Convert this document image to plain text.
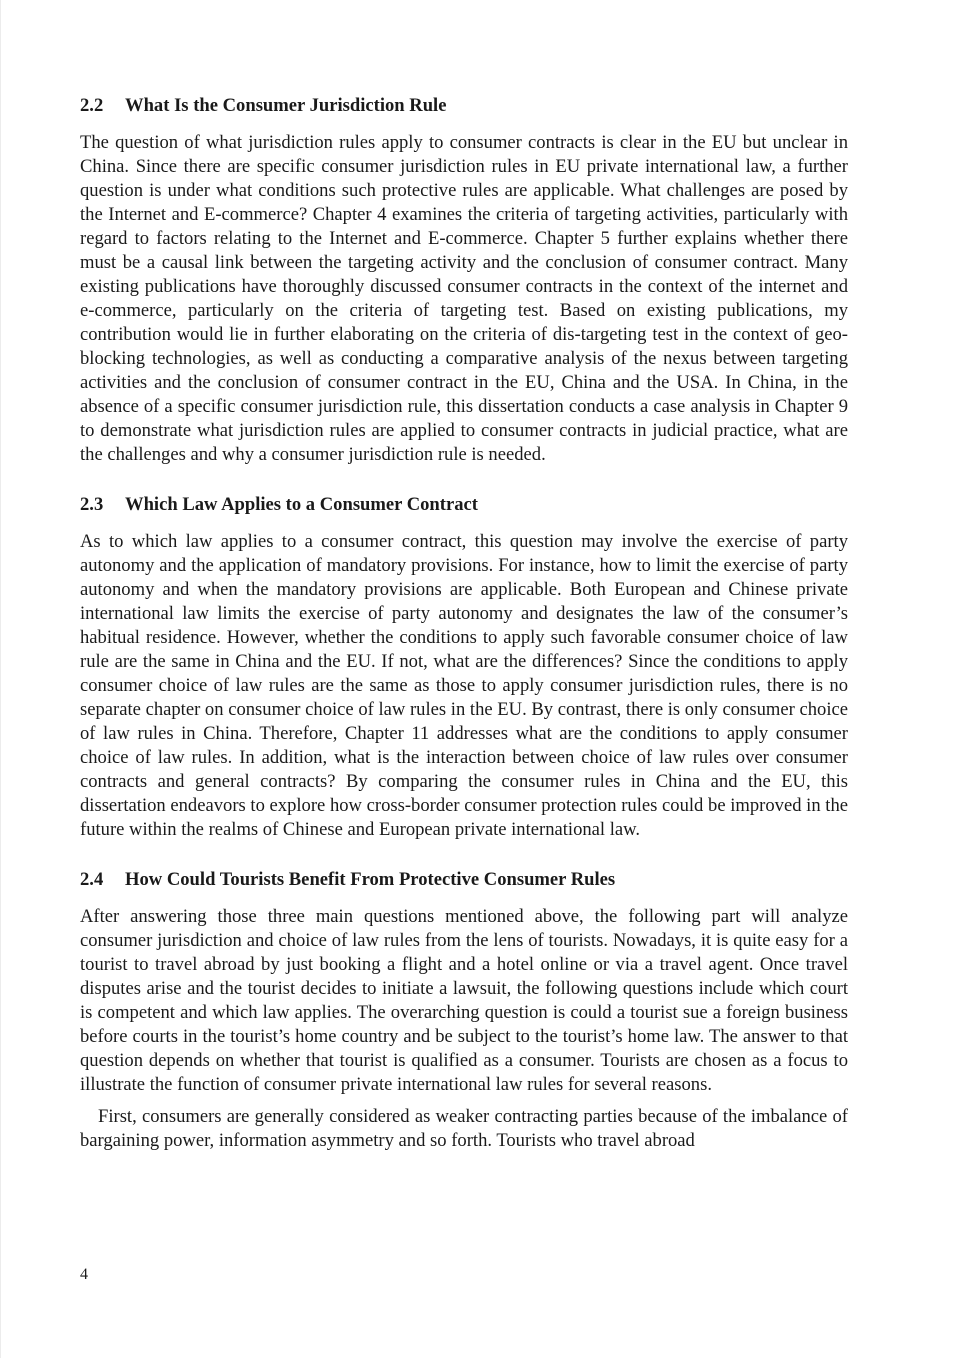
2.2 What Is the Consumer Jurisdiction Rule

The question of what jurisdiction rules apply to consumer contracts is clear in the EU but unclear in China. Since there are specific consumer jurisdiction rules in EU private international law, a further question is under what conditions such protective rules are applicable. What challenges are posed by the Internet and E-commerce? Chapter 4 examines the criteria of targeting activities, particularly with regard to factors relating to the Internet and E-commerce. Chapter 5 further explains whether there must be a causal link between the targeting activity and the conclusion of consumer contract. Many existing publications have thoroughly discussed consumer contracts in the context of the internet and e-commerce, particularly on the criteria of targeting test. Based on existing publications, my contribution would lie in further elaborating on the criteria of dis-targeting test in the context of geo-blocking technologies, as well as conducting a comparative analysis of the nexus between targeting activities and the conclusion of consumer contract in the EU, China and the USA. In China, in the absence of a specific consumer jurisdiction rule, this dissertation conducts a case analysis in Chapter 9 to demonstrate what jurisdiction rules are applied to consumer contracts in judicial practice, what are the challenges and why a consumer jurisdiction rule is needed.

2.3 Which Law Applies to a Consumer Contract

As to which law applies to a consumer contract, this question may involve the exercise of party autonomy and the application of mandatory provisions. For instance, how to limit the exercise of party autonomy and when the mandatory provisions are applicable. Both European and Chinese private international law limits the exercise of party autonomy and designates the law of the consumer’s habitual residence. However, whether the conditions to apply such favorable consumer choice of law rule are the same in China and the EU. If not, what are the differences? Since the conditions to apply consumer choice of law rules are the same as those to apply consumer jurisdiction rules, there is no separate chapter on consumer choice of law rules in the EU. By contrast, there is only consumer choice of law rules in China. Therefore, Chapter 11 addresses what are the conditions to apply consumer choice of law rules. In addition, what is the interaction between choice of law rules over consumer contracts and general contracts? By comparing the consumer rules in China and the EU, this dissertation endeavors to explore how cross-border consumer protection rules could be improved in the future within the realms of Chinese and European private international law.

2.4 How Could Tourists Benefit From Protective Consumer Rules

After answering those three main questions mentioned above, the following part will analyze consumer jurisdiction and choice of law rules from the lens of tourists. Nowadays, it is quite easy for a tourist to travel abroad by just booking a flight and a hotel online or via a travel agent. Once travel disputes arise and the tourist decides to initiate a lawsuit, the following questions include which court is competent and which law applies. The overarching question is could a tourist sue a foreign business before courts in the tourist’s home country and be subject to the tourist’s home law. The answer to that question depends on whether that tourist is qualified as a consumer. Tourists are chosen as a focus to illustrate the function of consumer private international law rules for several reasons.

First, consumers are generally considered as weaker contracting parties because of the imbalance of bargaining power, information asymmetry and so forth. Tourists who travel abroad

4
